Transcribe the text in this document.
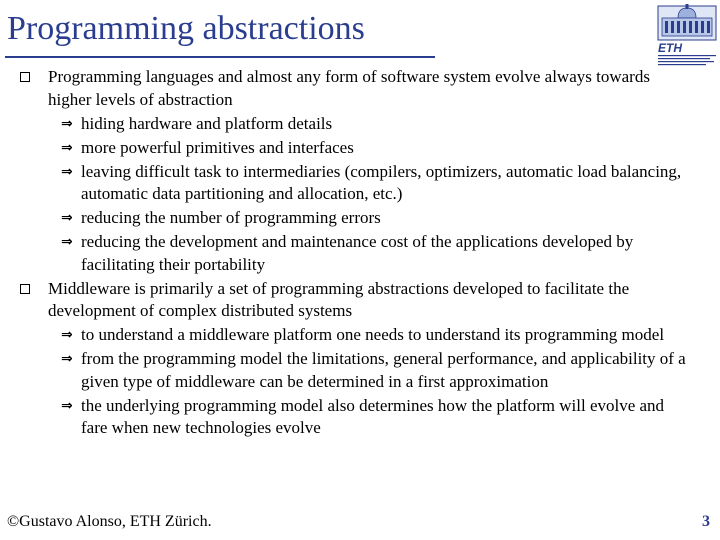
Programming abstractions
ETH
Programming languages and almost any form of software system evolve always towards higher levels of abstraction
⇒ hiding hardware and platform details
⇒ more powerful primitives and interfaces
⇒ leaving difficult task to intermediaries (compilers, optimizers, automatic load balancing, automatic data partitioning and allocation, etc.)
⇒ reducing the number of programming errors
⇒ reducing the development and maintenance cost of the applications developed by facilitating their portability
Middleware is primarily a set of programming abstractions developed to facilitate the development of complex distributed systems
⇒ to understand a middleware platform one needs to understand its programming model
⇒ from the programming model the limitations, general performance, and applicability of a given type of middleware can be determined in a first approximation
⇒ the underlying programming model also determines how the platform will evolve and fare when new technologies evolve
©Gustavo Alonso, ETH Zürich.	3
